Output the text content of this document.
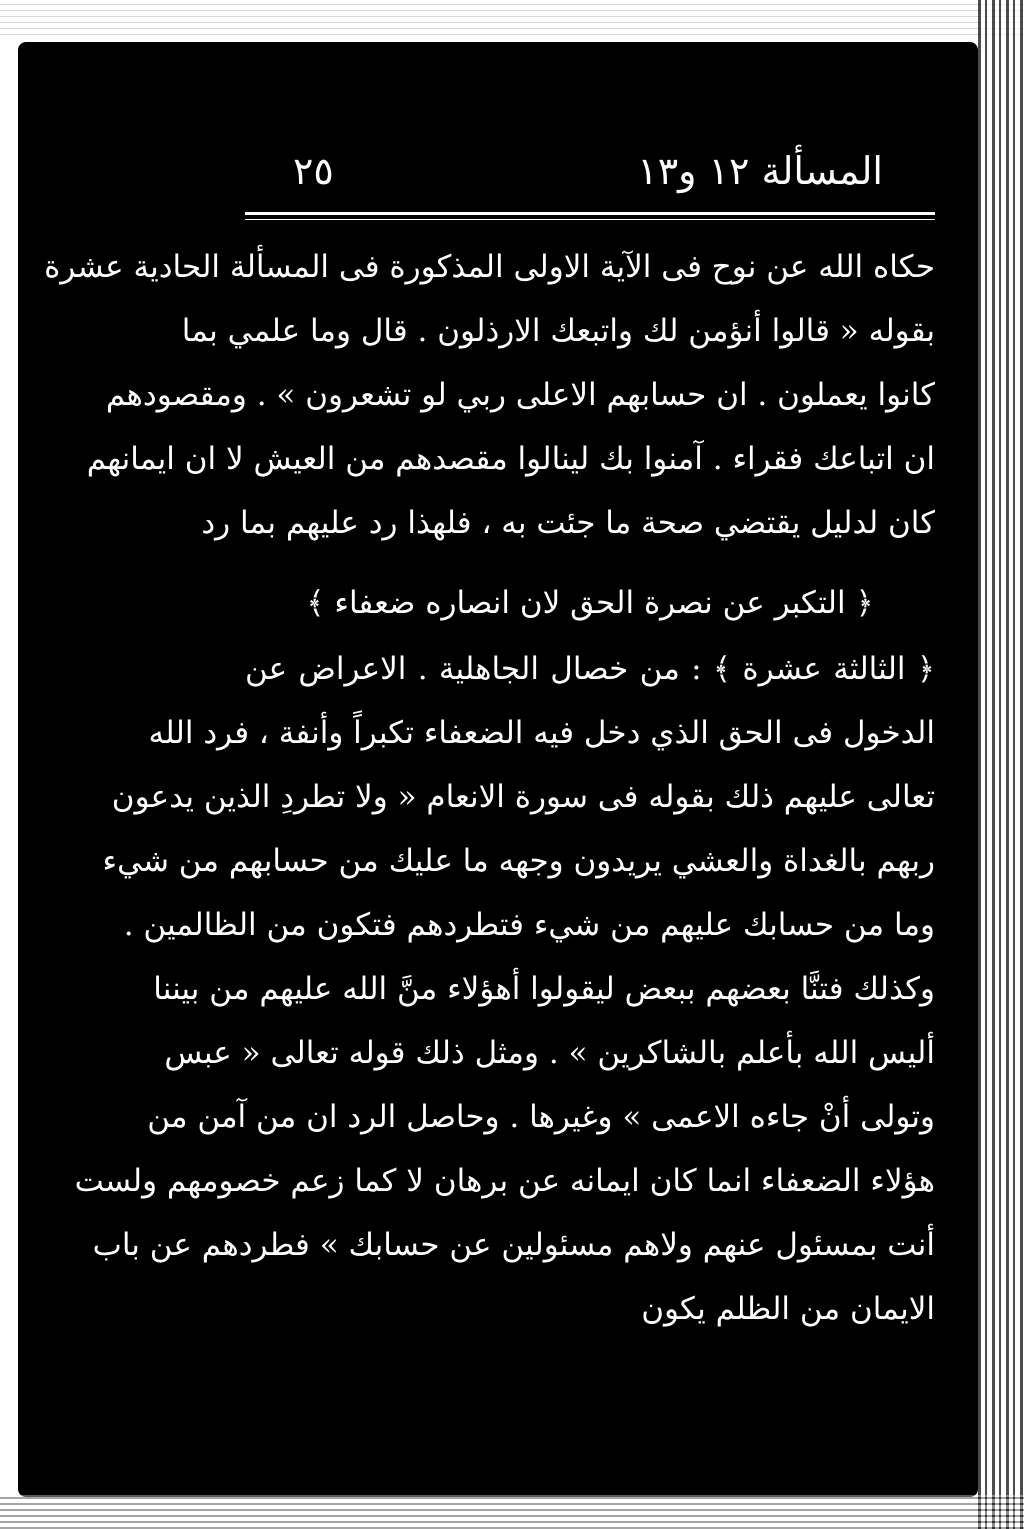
المسألة ١٢ و١٣
٢٥
حكاه الله عن نوح فى الآية الاولى المذكورة فى المسألة الحادية عشرة
بقوله « قالوا أنؤمن لك واتبعك الارذلون . قال وما علمي بما
كانوا يعملون . ان حسابهم الاعلى ربي لو تشعرون » . ومقصودهم
ان اتباعك فقراء . آمنوا بك لينالوا مقصدهم من العيش لا ان ايمانهم
كان لدليل يقتضي صحة ما جئت به ، فلهذا رد عليهم بما رد
﴿ التكبر عن نصرة الحق لان انصاره ضعفاء ﴾
﴿ الثالثة عشرة ﴾ : من خصال الجاهلية . الاعراض عن
الدخول فى الحق الذي دخل فيه الضعفاء تكبراً وأنفة ، فرد الله
تعالى عليهم ذلك بقوله فى سورة الانعام « ولا تطردِ الذين يدعون
ربهم بالغداة والعشي يريدون وجهه ما عليك من حسابهم من شيء
وما من حسابك عليهم من شيء فتطردهم فتكون من الظالمين .
وكذلك فتنَّا بعضهم ببعض ليقولوا أهؤلاء منَّ الله عليهم من بيننا
أليس الله بأعلم بالشاكرين » . ومثل ذلك قوله تعالى « عبس
وتولى أنْ جاءه الاعمى » وغيرها . وحاصل الرد ان من آمن من
هؤلاء الضعفاء انما كان ايمانه عن برهان لا كما زعم خصومهم ولست
أنت بمسئول عنهم ولاهم مسئولين عن حسابك » فطردهم عن باب
الايمان من الظلم يكون
